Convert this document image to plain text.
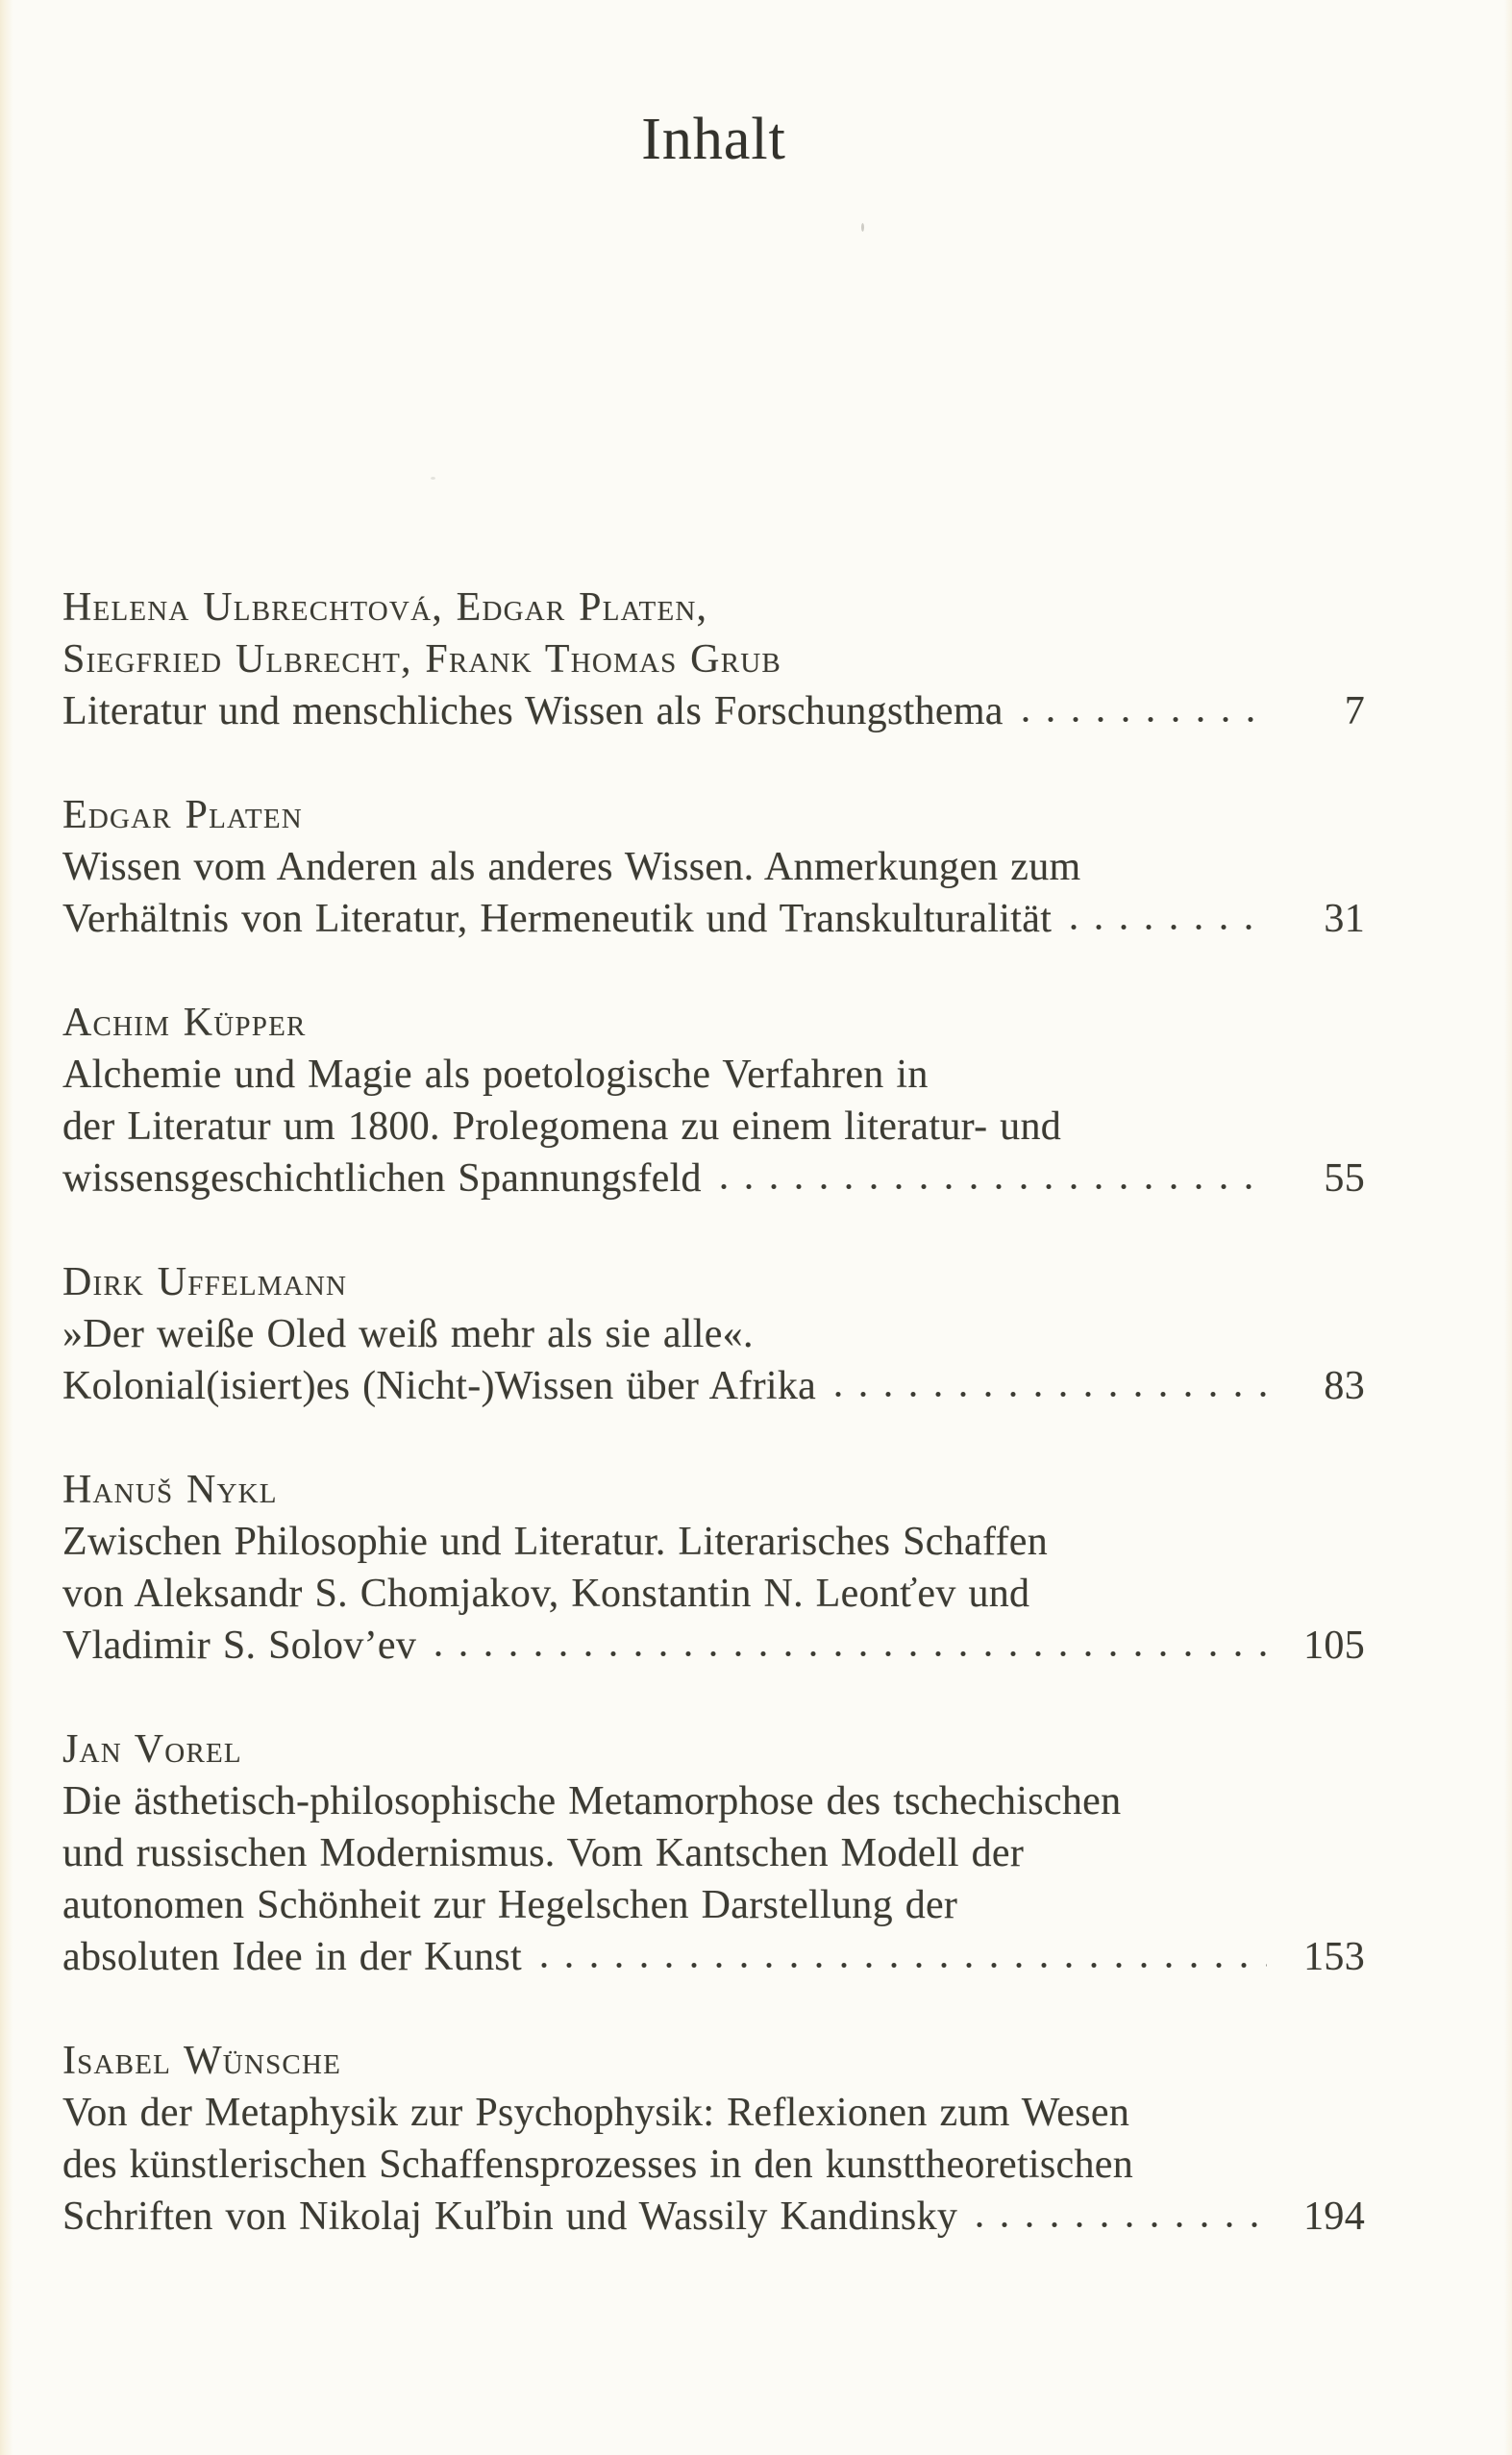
Inhalt
Helena Ulbrechtová, Edgar Platen,
Siegfried Ulbrecht, Frank Thomas Grub
Literatur und menschliches Wissen als Forschungsthema	7
Edgar Platen
Wissen vom Anderen als anderes Wissen. Anmerkungen zum
Verhältnis von Literatur, Hermeneutik und Transkulturalität	31
Achim Küpper
Alchemie und Magie als poetologische Verfahren in
der Literatur um 1800. Prolegomena zu einem literatur- und
wissensgeschichtlichen Spannungsfeld	55
Dirk Uffelmann
»Der weiße Oled weiß mehr als sie alle«.
Kolonial(isiert)es (Nicht-)Wissen über Afrika	83
Hanuš Nykl
Zwischen Philosophie und Literatur. Literarisches Schaffen
von Aleksandr S. Chomjakov, Konstantin N. Leonťev und
Vladimir S. Solov’ev	105
Jan Vorel
Die ästhetisch-philosophische Metamorphose des tschechischen
und russischen Modernismus. Vom Kantschen Modell der
autonomen Schönheit zur Hegelschen Darstellung der
absoluten Idee in der Kunst	153
Isabel Wünsche
Von der Metaphysik zur Psychophysik: Reflexionen zum Wesen
des künstlerischen Schaffensprozesses in den kunsttheoretischen
Schriften von Nikolaj Kuľbin und Wassily Kandinsky	194
